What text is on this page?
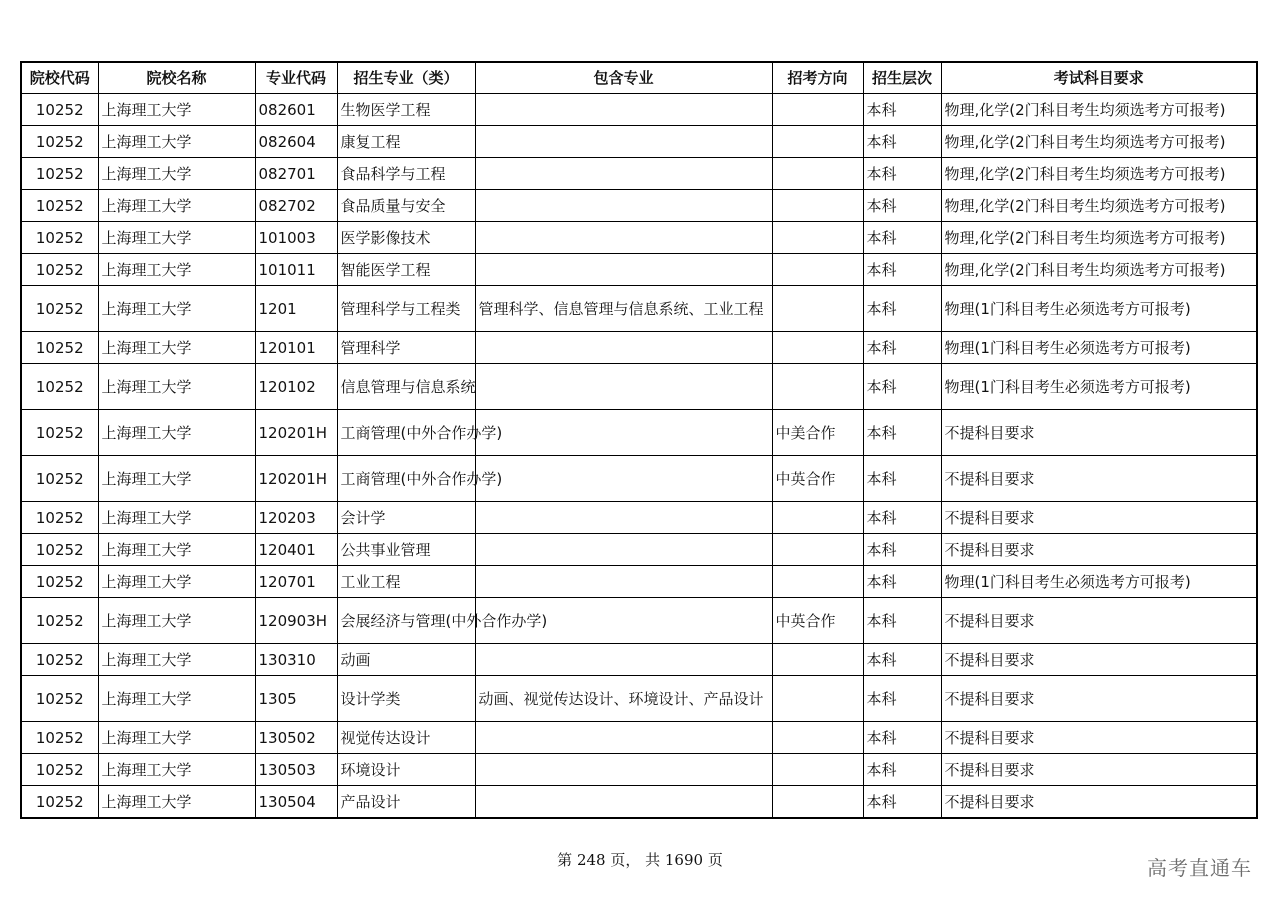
院校代码	院校名称	专业代码	招生专业（类）	包含专业	招考方向	招生层次	考试科目要求
10252	上海理工大学	082601	生物医学工程			本科	物理,化学(2门科目考生均须选考方可报考)
10252	上海理工大学	082604	康复工程			本科	物理,化学(2门科目考生均须选考方可报考)
10252	上海理工大学	082701	食品科学与工程			本科	物理,化学(2门科目考生均须选考方可报考)
10252	上海理工大学	082702	食品质量与安全			本科	物理,化学(2门科目考生均须选考方可报考)
10252	上海理工大学	101003	医学影像技术			本科	物理,化学(2门科目考生均须选考方可报考)
10252	上海理工大学	101011	智能医学工程			本科	物理,化学(2门科目考生均须选考方可报考)
10252	上海理工大学	1201	管理科学与工程类	管理科学、信息管理与信息系统、工业工程		本科	物理(1门科目考生必须选考方可报考)
10252	上海理工大学	120101	管理科学			本科	物理(1门科目考生必须选考方可报考)
10252	上海理工大学	120102	信息管理与信息系统			本科	物理(1门科目考生必须选考方可报考)
10252	上海理工大学	120201H	工商管理(中外合作办学)		中美合作	本科	不提科目要求
10252	上海理工大学	120201H	工商管理(中外合作办学)		中英合作	本科	不提科目要求
10252	上海理工大学	120203	会计学			本科	不提科目要求
10252	上海理工大学	120401	公共事业管理			本科	不提科目要求
10252	上海理工大学	120701	工业工程			本科	物理(1门科目考生必须选考方可报考)
10252	上海理工大学	120903H	会展经济与管理(中外合作办学)		中英合作	本科	不提科目要求
10252	上海理工大学	130310	动画			本科	不提科目要求
10252	上海理工大学	1305	设计学类	动画、视觉传达设计、环境设计、产品设计		本科	不提科目要求
10252	上海理工大学	130502	视觉传达设计			本科	不提科目要求
10252	上海理工大学	130503	环境设计			本科	不提科目要求
10252	上海理工大学	130504	产品设计			本科	不提科目要求
第 248 页， 共 1690 页	高考直通车
